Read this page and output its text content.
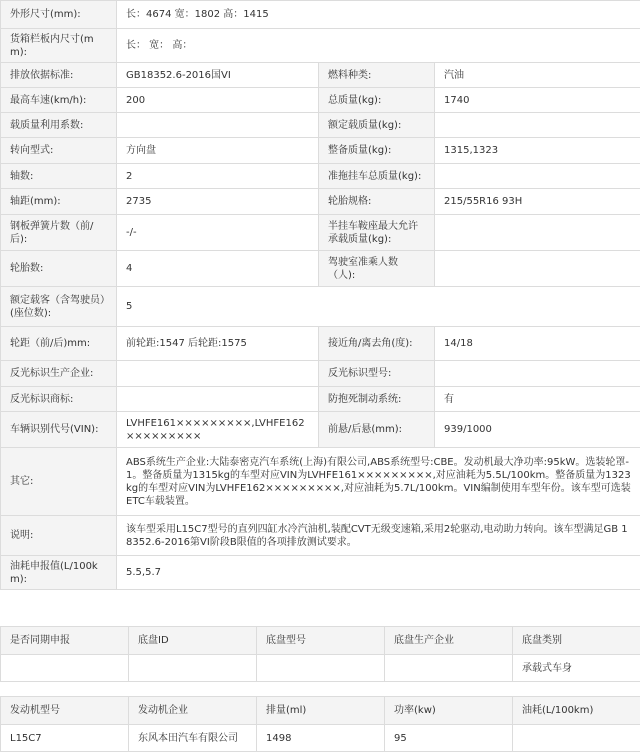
外形尺寸(mm):	长：4674 宽：1802 高：1415		
货箱栏板内尺寸(mm):	长： 宽： 高：		
排放依据标准:	GB18352.6-2016国VI	燃料种类:	汽油
最高车速(km/h):	200	总质量(kg):	1740
载质量利用系数:		额定载质量(kg):	
转向型式:	方向盘	整备质量(kg):	1315,1323
轴数:	2	准拖挂车总质量(kg):	
轴距(mm):	2735	轮胎规格:	215/55R16 93H
钢板弹簧片数（前/后):	-/-	半挂车鞍座最大允许承载质量(kg):	
轮胎数:	4	驾驶室准乘人数（人):	
额定载客（含驾驶员）(座位数):	5		
轮距（前/后)mm:	前轮距:1547 后轮距:1575	接近角/离去角(度):	14/18
反光标识生产企业:		反光标识型号:	
反光标识商标:		防抱死制动系统:	有
车辆识别代号(VIN):	LVHFE161×××××××××,LVHFE162×××××××××	前悬/后悬(mm):	939/1000
其它:	ABS系统生产企业:大陆泰密克汽车系统(上海)有限公司,ABS系统型号:CBE。发动机最大净功率:95kW。选装轮罩-1。整备质量为1315kg的车型对应VIN为LVHFE161×××××××××,对应油耗为5.5L/100km。整备质量为1323kg的车型对应VIN为LVHFE162×××××××××,对应油耗为5.7L/100km。VIN编制使用车型年份。该车型可选装ETC车载装置。		
说明:	该车型采用L15C7型号的直列四缸水冷汽油机,装配CVT无级变速箱,采用2轮驱动,电动助力转向。该车型满足GB 18352.6-2016第VI阶段B限值的各项排放测试要求。		
油耗申报值(L/100km):	5.5,5.7		
是否同期申报	底盘ID	底盘型号	底盘生产企业	底盘类别
				承载式车身
发动机型号	发动机企业	排量(ml)	功率(kw)	油耗(L/100km)
L15C7	东风本田汽车有限公司	1498	95	
